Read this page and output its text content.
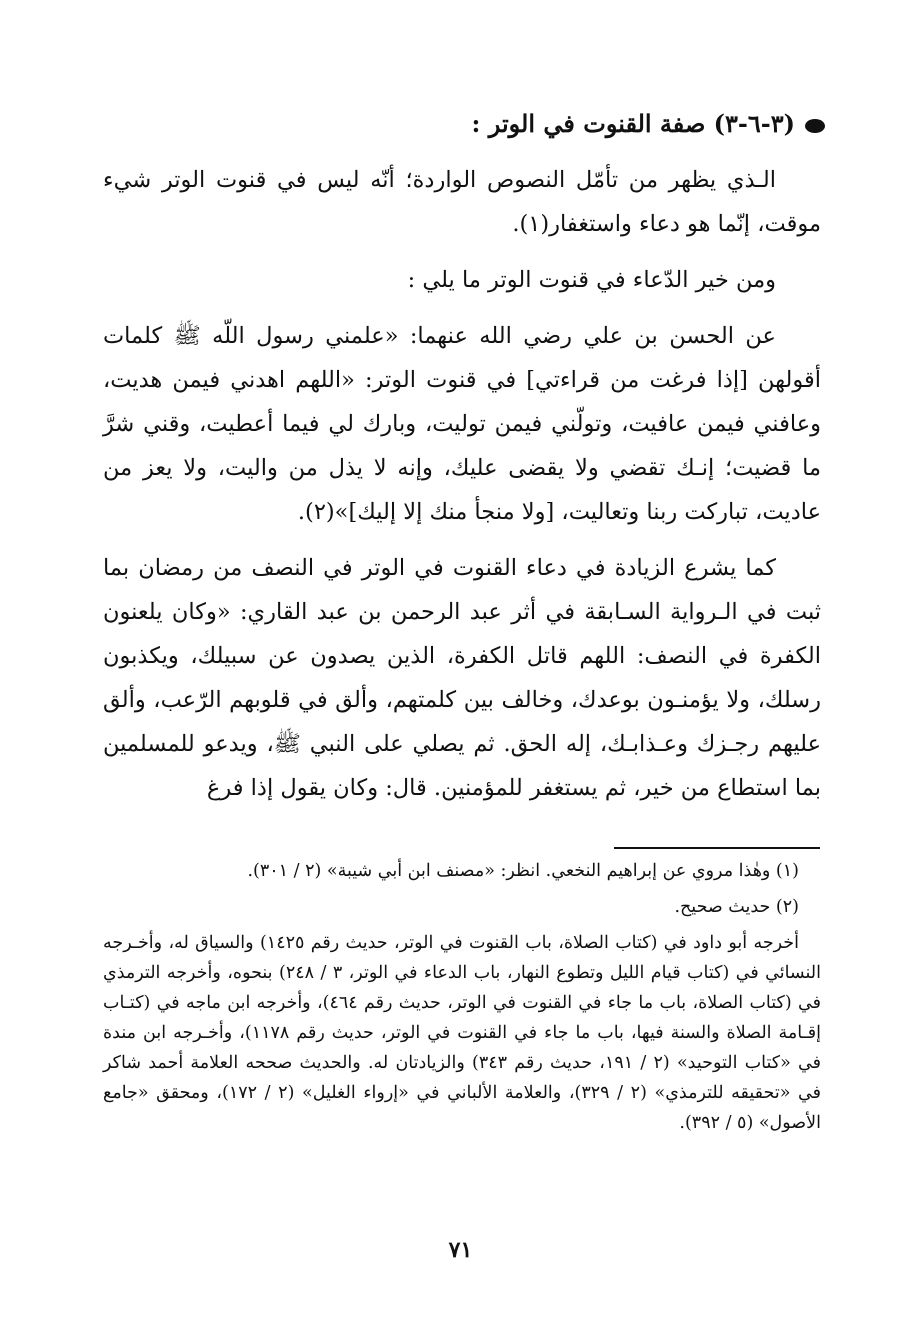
(٣-٦-٣) صفة القنوت في الوتر :

الـذي يظهر من تأمّل النصوص الواردة؛ أنّه ليس في قنوت الوتر شيء موقت، إنّما هو دعاء واستغفار(١).

ومن خير الدّعاء في قنوت الوتر ما يلي :

عن الحسن بن علي رضي الله عنهما: «علمني رسول اللّه ﷺ كلمات أقولهن [إذا فرغت من قراءتي] في قنوت الوتر: «اللهم اهدني فيمن هديت، وعافني فيمن عافيت، وتولّني فيمن توليت، وبارك لي فيما أعطيت، وقني شرَّ ما قضيت؛ إنـك تقضي ولا يقضى عليك، وإنه لا يذل من واليت، ولا يعز من عاديت، تباركت ربنا وتعاليت، [ولا منجأ منك إلا إليك]»(٢).

كما يشرع الزيادة في دعاء القنوت في الوتر في النصف من رمضان بما ثبت في الـرواية السـابقة في أثر عبد الرحمن بن عبد القاري: «وكان يلعنون الكفرة في النصف: اللهم قاتل الكفرة، الذين يصدون عن سبيلك، ويكذبون رسلك، ولا يؤمنـون بوعدك، وخالف بين كلمتهم، وألق في قلوبهم الرّعب، وألق عليهم رجـزك وعـذابـك، إله الحق. ثم يصلي على النبي ﷺ، ويدعو للمسلمين بما استطاع من خير، ثم يستغفر للمؤمنين. قال: وكان يقول إذا فرغ

(١) وهٰذا مروي عن إبراهيم النخعي. انظر: «مصنف ابن أبي شيبة» (٢ / ٣٠١).

(٢) حديث صحيح.

أخرجه أبو داود في (كتاب الصلاة، باب القنوت في الوتر، حديث رقم ١٤٢٥) والسياق له، وأخـرجه النسائي في (كتاب قيام الليل وتطوع النهار، باب الدعاء في الوتر، ٣ / ٢٤٨) بنحوه، وأخرجه الترمذي في (كتاب الصلاة، باب ما جاء في القنوت في الوتر، حديث رقم ٤٦٤)، وأخرجه ابن ماجه في (كتـاب إقـامة الصلاة والسنة فيها، باب ما جاء في القنوت في الوتر، حديث رقم ١١٧٨)، وأخـرجه ابن مندة في «كتاب التوحيد» (٢ / ١٩١، حديث رقم ٣٤٣) والزيادتان له. والحديث صححه العلامة أحمد شاكر في «تحقيقه للترمذي» (٢ / ٣٢٩)، والعلامة الألباني في «إرواء الغليل» (٢ / ١٧٢)، ومحقق «جامع الأصول» (٥ / ٣٩٢).

٧١
